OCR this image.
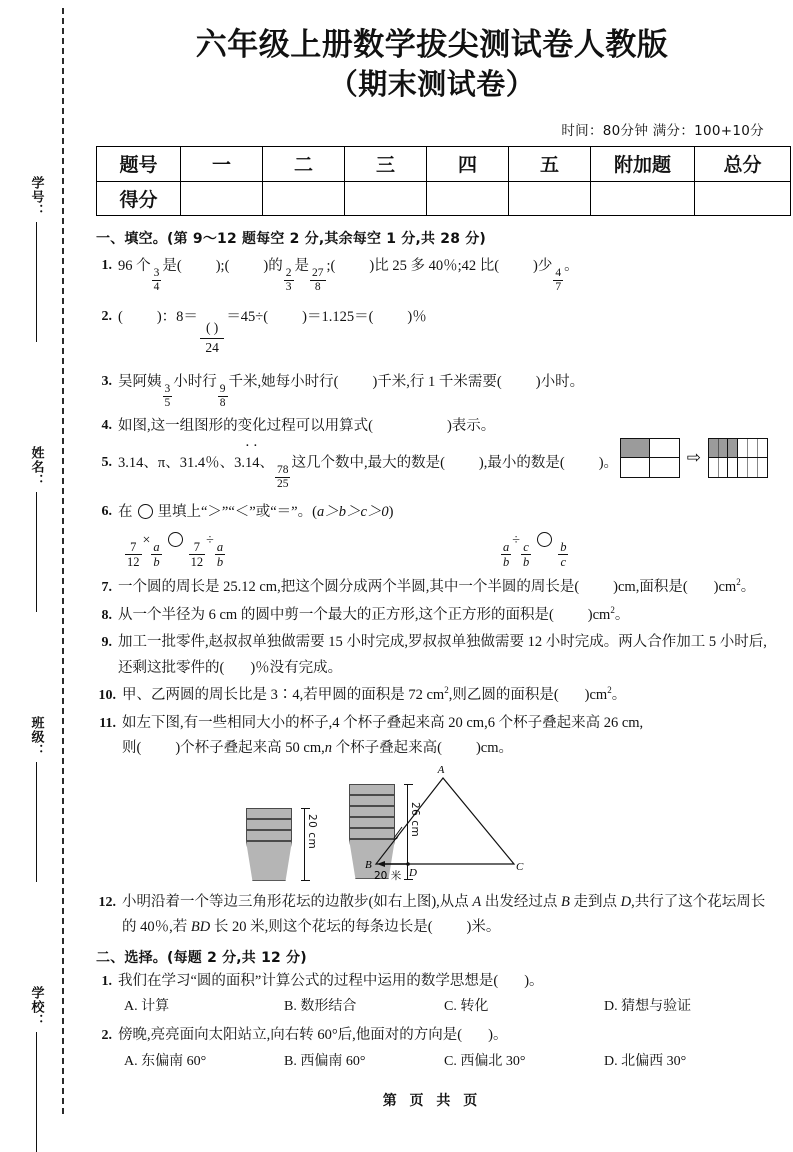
学号：
姓名：
班级：
学校：
六年级上册数学拔尖测试卷人教版
（期末测试卷）
时间：80分钟 满分：100+10分
题号	一	二	三	四	五	附加题	总分
得分							
一、填空。(第 9～12 题每空 2 分,其余每空 1 分,共 28 分)
1. 96 个
$\frac{3}{4}$
是( );( )的
$\frac{2}{3}$
是
$\frac{27}{8}$
;( )比 25 多 40％;42 比( )少
$\frac{4}{7}$
。
2. ( )：8＝
( )
24
＝45÷( )＝1.125＝( )％
3. 吴阿姨
$\frac{3}{5}$
小时行
$\frac{9}{8}$
千米,她每小时行( )千米,行 1 千米需要( )小时。
4. 如图,这一组图形的变化过程可以用算式(	)表示。
⇨
5. 3.14、π、31.4％、3.·· 14、
$\frac{78}{25}$
这几个数中,最大的数是( ),最小的数是( )。
6. 在 里填上“＞”“＜”或“＝”。(a＞b＞c＞0)
$\frac{7}{12} \times \frac{a}{b} \frac{7}{12} \div \frac{a}{b}$	$\frac{a}{b} \div \frac{c}{b} \frac{b}{c}$
7. 一个圆的周长是 25.12 cm,把这个圆分成两个半圆,其中一个半圆的周长是( )cm,面积是( )$cm^2$。
8. 从一个半径为 6 cm 的圆中剪一个最大的正方形,这个正方形的面积是( )$cm^2$。
9. 加工一批零件,赵叔叔单独做需要 15 小时完成,罗叔叔单独做需要 12 小时完成。两人合作加工 5 小时后,还剩这批零件的( )％没有完成。
10. 甲、乙两圆的周长比是 3∶4,若甲圆的面积是 72 $cm^2$,则乙圆的面积是( )$cm^2$。
11. 如左下图,有一些相同大小的杯子,4 个杯子叠起来高 20 cm,6 个杯子叠起来高 26 cm,
则( )个杯子叠起来高 50 cm,n 个杯子叠起来高( )cm。
20 cm	26 cm
A
B	C
D
20 米
12. 小明沿着一个等边三角形花坛的边散步(如右上图),从点 A 出发经过点 B 走到点 D,共行了这个花坛周长的 40％,若 BD 长 20 米,则这个花坛的每条边长是( )米。
二、选择。(每题 2 分,共 12 分)
1. 我们在学习“圆的面积”计算公式的过程中运用的数学思想是( )。
A. 计算	B. 数形结合	C. 转化	D. 猜想与验证
2. 傍晚,亮亮面向太阳站立,向右转 60°后,他面对的方向是( )。
A. 东偏南 60°	B. 西偏南 60°	C. 西偏北 30°	D. 北偏西 30°
第 页 共 页
